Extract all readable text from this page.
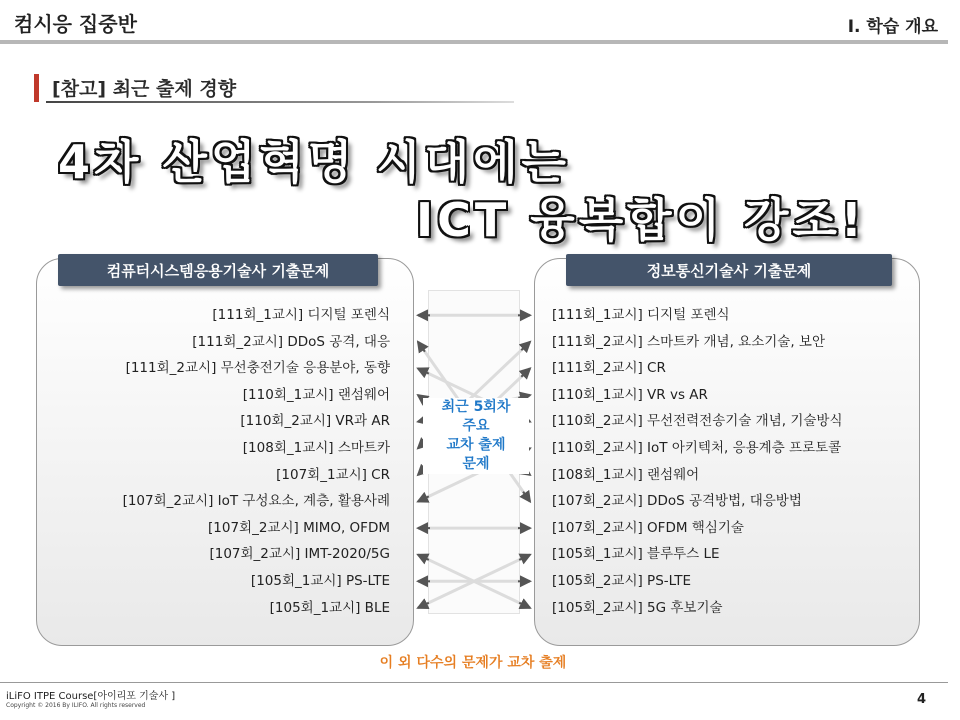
컴시응 집중반	I. 학습 개요
[참고] 최근 출제 경향
4차 산업혁명 시대에는
ICT 융복합이 강조!
컴퓨터시스템응용기술사 기출문제	정보통신기술사 기출문제
[111회_1교시] 디지털 포렌식
[111회_2교시] DDoS 공격, 대응
[111회_2교시] 무선충전기술 응용분야, 동향
[110회_1교시] 랜섬웨어
[110회_2교시] VR과 AR
[108회_1교시] 스마트카
[107회_1교시] CR
[107회_2교시] IoT 구성요소, 계층, 활용사례
[107회_2교시] MIMO, OFDM
[107회_2교시] IMT-2020/5G
[105회_1교시] PS-LTE
[105회_1교시] BLE
[111회_1교시] 디지털 포렌식
[111회_2교시] 스마트카 개념, 요소기술, 보안
[111회_2교시] CR
[110회_1교시] VR vs AR
[110회_2교시] 무선전력전송기술 개념, 기술방식
[110회_2교시] IoT 아키텍처, 응용계층 프로토콜
[108회_1교시] 랜섬웨어
[107회_2교시] DDoS 공격방법, 대응방법
[107회_2교시] OFDM 핵심기술
[105회_1교시] 블루투스 LE
[105회_2교시] PS-LTE
[105회_2교시] 5G 후보기술
최근 5회차
주요
교차 출제
문제
이 외 다수의 문제가 교차 출제
iLiFO ITPE Course[아이리포 기술사 ]
Copyright © 2016 By ILIFO. All rights reserved	4
